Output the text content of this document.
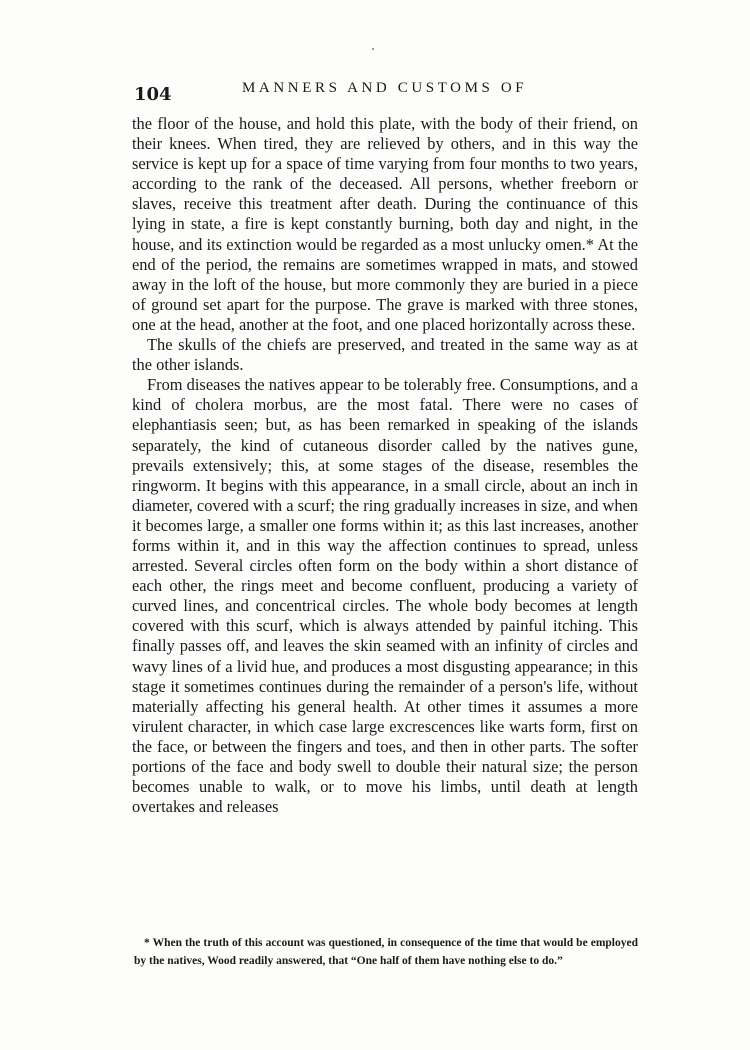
104	MANNERS AND CUSTOMS OF

the floor of the house, and hold this plate, with the body of their friend, on their knees. When tired, they are relieved by others, and in this way the service is kept up for a space of time varying from four months to two years, according to the rank of the deceased. All persons, whether freeborn or slaves, receive this treatment after death. During the continuance of this lying in state, a fire is kept constantly burning, both day and night, in the house, and its extinction would be regarded as a most unlucky omen.* At the end of the period, the remains are sometimes wrapped in mats, and stowed away in the loft of the house, but more commonly they are buried in a piece of ground set apart for the purpose. The grave is marked with three stones, one at the head, another at the foot, and one placed horizontally across these.

The skulls of the chiefs are preserved, and treated in the same way as at the other islands.

From diseases the natives appear to be tolerably free. Consumptions, and a kind of cholera morbus, are the most fatal. There were no cases of elephantiasis seen; but, as has been remarked in speaking of the islands separately, the kind of cutaneous disorder called by the natives gune, prevails extensively; this, at some stages of the disease, resembles the ringworm. It begins with this appearance, in a small circle, about an inch in diameter, covered with a scurf; the ring gradually increases in size, and when it becomes large, a smaller one forms within it; as this last increases, another forms within it, and in this way the affection continues to spread, unless arrested. Several circles often form on the body within a short distance of each other, the rings meet and become confluent, producing a variety of curved lines, and concentrical circles. The whole body becomes at length covered with this scurf, which is always attended by painful itching. This finally passes off, and leaves the skin seamed with an infinity of circles and wavy lines of a livid hue, and produces a most disgusting appearance; in this stage it sometimes continues during the remainder of a person's life, without materially affecting his general health. At other times it assumes a more virulent character, in which case large excrescences like warts form, first on the face, or between the fingers and toes, and then in other parts. The softer portions of the face and body swell to double their natural size; the person becomes unable to walk, or to move his limbs, until death at length overtakes and releases

* When the truth of this account was questioned, in consequence of the time that would be employed by the natives, Wood readily answered, that “One half of them have nothing else to do.”
